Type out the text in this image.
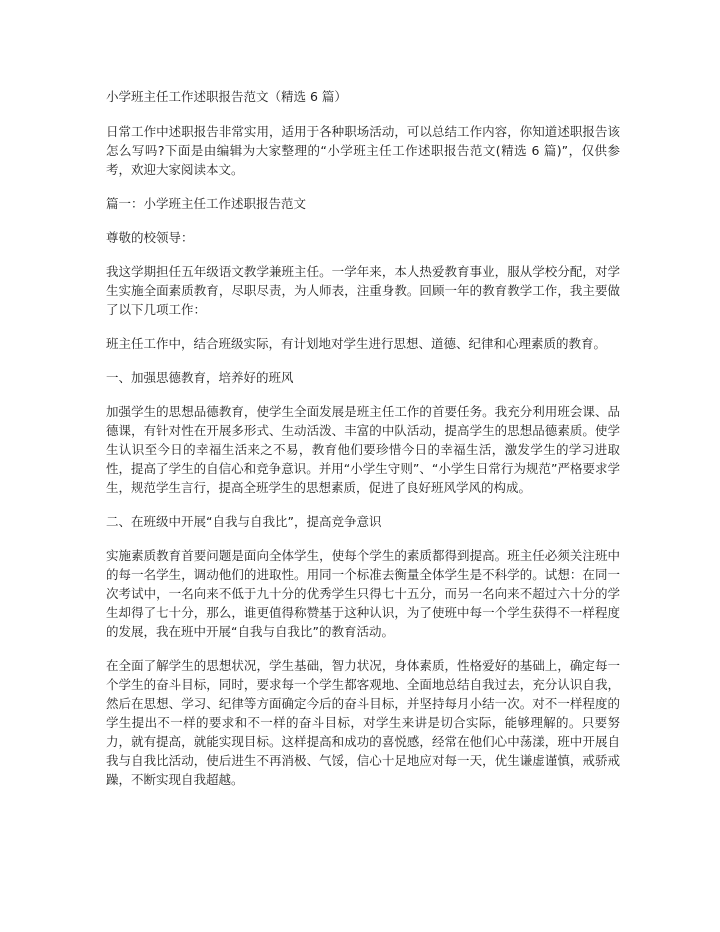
小学班主任工作述职报告范文（精选 6 篇）

日常工作中述职报告非常实用，适用于各种职场活动，可以总结工作内容，你知道述职报告该怎么写吗?下面是由编辑为大家整理的“小学班主任工作述职报告范文(精选 6 篇)”，仅供参考，欢迎大家阅读本文。

篇一：小学班主任工作述职报告范文

尊敬的校领导：

我这学期担任五年级语文教学兼班主任。一学年来，本人热爱教育事业，服从学校分配，对学生实施全面素质教育，尽职尽责，为人师表，注重身教。回顾一年的教育教学工作，我主要做了以下几项工作：

班主任工作中，结合班级实际，有计划地对学生进行思想、道德、纪律和心理素质的教育。

一、加强思德教育，培养好的班风

加强学生的思想品德教育，使学生全面发展是班主任工作的首要任务。我充分利用班会课、品德课，有针对性在开展多形式、生动活泼、丰富的中队活动，提高学生的思想品德素质。使学生认识至今日的幸福生活来之不易，教育他们要珍惜今日的幸福生活，激发学生的学习进取性，提高了学生的自信心和竞争意识。并用“小学生守则”、“小学生日常行为规范”严格要求学生，规范学生言行，提高全班学生的思想素质，促进了良好班风学风的构成。

二、在班级中开展“自我与自我比”，提高竞争意识

实施素质教育首要问题是面向全体学生，使每个学生的素质都得到提高。班主任必须关注班中的每一名学生，调动他们的进取性。用同一个标准去衡量全体学生是不科学的。试想：在同一次考试中，一名向来不低于九十分的优秀学生只得七十五分，而另一名向来不超过六十分的学生却得了七十分，那么，谁更值得称赞基于这种认识，为了使班中每一个学生获得不一样程度的发展，我在班中开展“自我与自我比”的教育活动。

在全面了解学生的思想状况，学生基础，智力状况，身体素质，性格爱好的基础上，确定每一个学生的奋斗目标，同时，要求每一个学生都客观地、全面地总结自我过去，充分认识自我，然后在思想、学习、纪律等方面确定今后的奋斗目标，并坚持每月小结一次。对不一样程度的学生提出不一样的要求和不一样的奋斗目标，对学生来讲是切合实际，能够理解的。只要努力，就有提高，就能实现目标。这样提高和成功的喜悦感，经常在他们心中荡漾，班中开展自我与自我比活动，使后进生不再消极、气馁，信心十足地应对每一天，优生谦虚谨慎，戒骄戒躁，不断实现自我超越。
